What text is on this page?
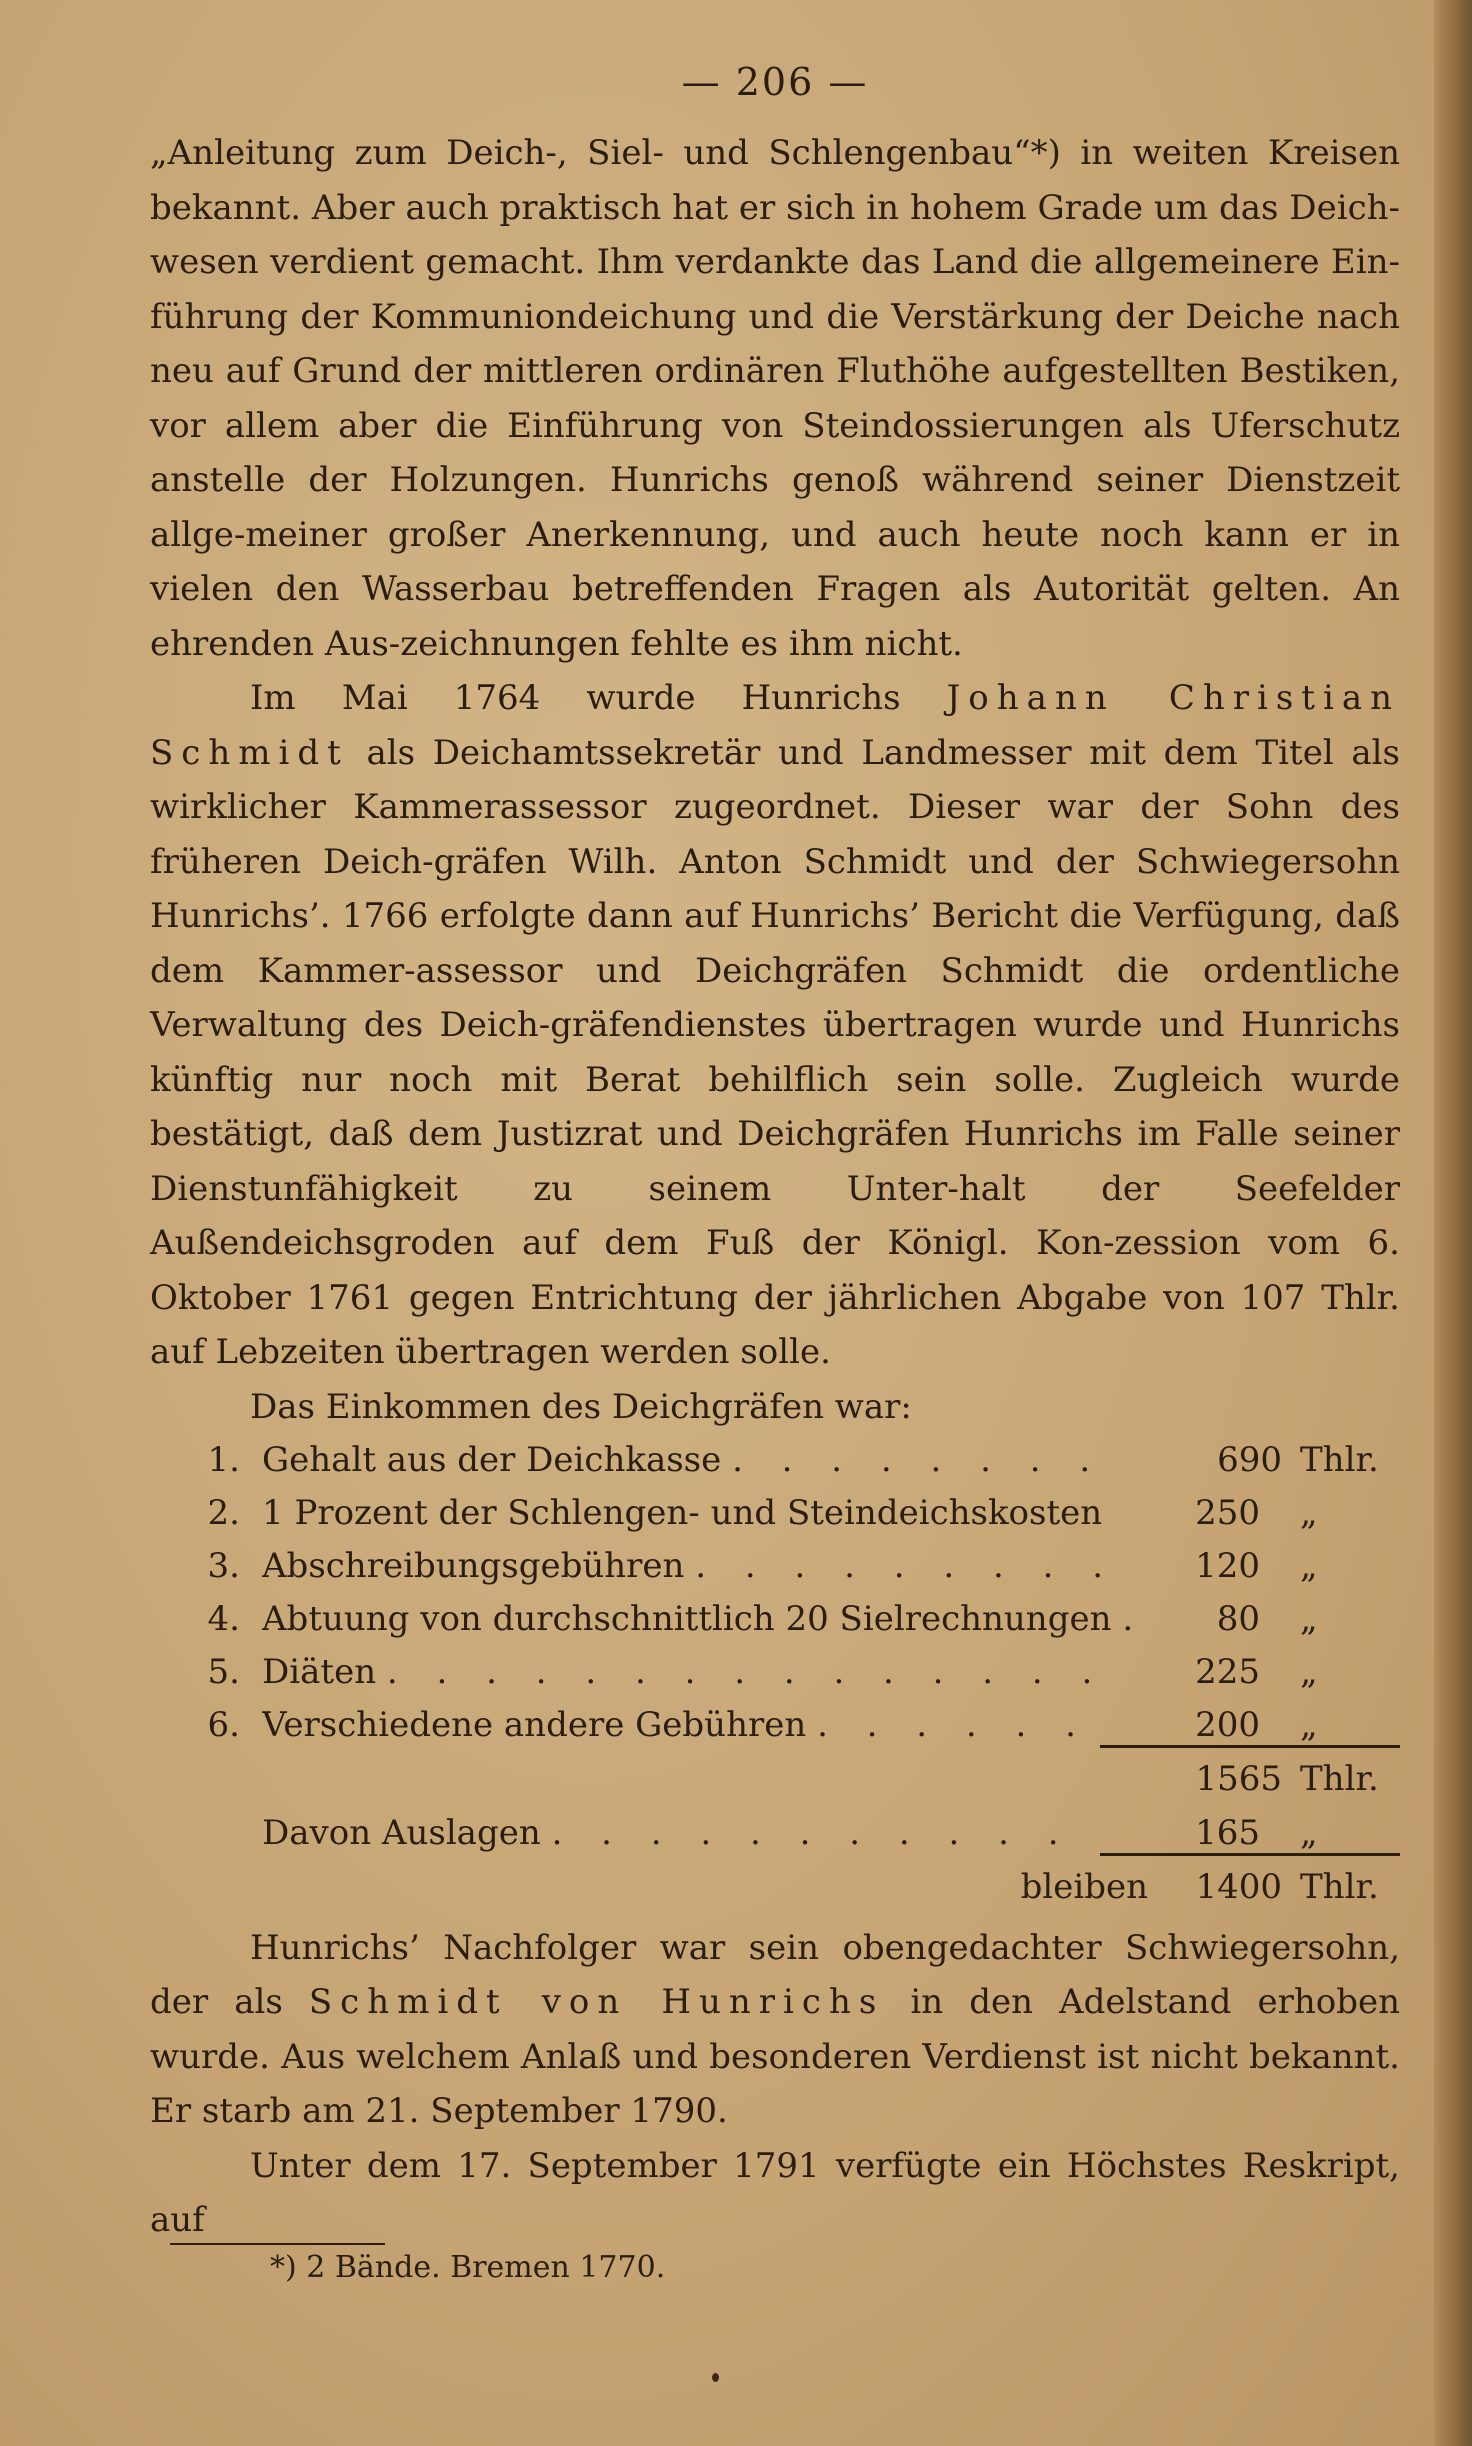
— 206 —

„Anleitung zum Deich-, Siel- und Schlengenbau“*) in weiten Kreisen bekannt. Aber auch praktisch hat er sich in hohem Grade um das Deich-wesen verdient gemacht. Ihm verdankte das Land die allgemeinere Ein-führung der Kommuniondeichung und die Verstärkung der Deiche nach neu auf Grund der mittleren ordinären Fluthöhe aufgestellten Bestiken, vor allem aber die Einführung von Steindossierungen als Uferschutz anstelle der Holzungen. Hunrichs genoß während seiner Dienstzeit allge-meiner großer Anerkennung, und auch heute noch kann er in vielen den Wasserbau betreffenden Fragen als Autorität gelten. An ehrenden Aus-zeichnungen fehlte es ihm nicht.

Im Mai 1764 wurde Hunrichs Johann Christian Schmidt als Deichamtssekretär und Landmesser mit dem Titel als wirklicher Kammerassessor zugeordnet. Dieser war der Sohn des früheren Deich-gräfen Wilh. Anton Schmidt und der Schwiegersohn Hunrichs’. 1766 erfolgte dann auf Hunrichs’ Bericht die Verfügung, daß dem Kammer-assessor und Deichgräfen Schmidt die ordentliche Verwaltung des Deich-gräfendienstes übertragen wurde und Hunrichs künftig nur noch mit Berat behilflich sein solle. Zugleich wurde bestätigt, daß dem Justizrat und Deichgräfen Hunrichs im Falle seiner Dienstunfähigkeit zu seinem Unter-halt der Seefelder Außendeichsgroden auf dem Fuß der Königl. Kon-zession vom 6. Oktober 1761 gegen Entrichtung der jährlichen Abgabe von 107 Thlr. auf Lebzeiten übertragen werden solle.

Das Einkommen des Deichgräfen war:
1. Gehalt aus der Deichkasse . . . . . . . .	690 Thlr.
2. 1 Prozent der Schlengen- und Steindeichskosten	250	„
3. Abschreibungsgebühren . . . . . . . . .	120	„
4. Abtuung von durchschnittlich 20 Sielrechnungen .	80	„
5. Diäten . . . . . . . . . . . . . . .	225	„
6. Verschiedene andere Gebühren . . . . . .	200	„
1565 Thlr.
Davon Auslagen . . . . . . . . . . .	165	„
bleiben	1400 Thlr.

Hunrichs’ Nachfolger war sein obengedachter Schwiegersohn, der als Schmidt von Hunrichs in den Adelstand erhoben wurde. Aus welchem Anlaß und besonderen Verdienst ist nicht bekannt. Er starb am 21. September 1790.

Unter dem 17. September 1791 verfügte ein Höchstes Reskript, auf

*) 2 Bände. Bremen 1770.
